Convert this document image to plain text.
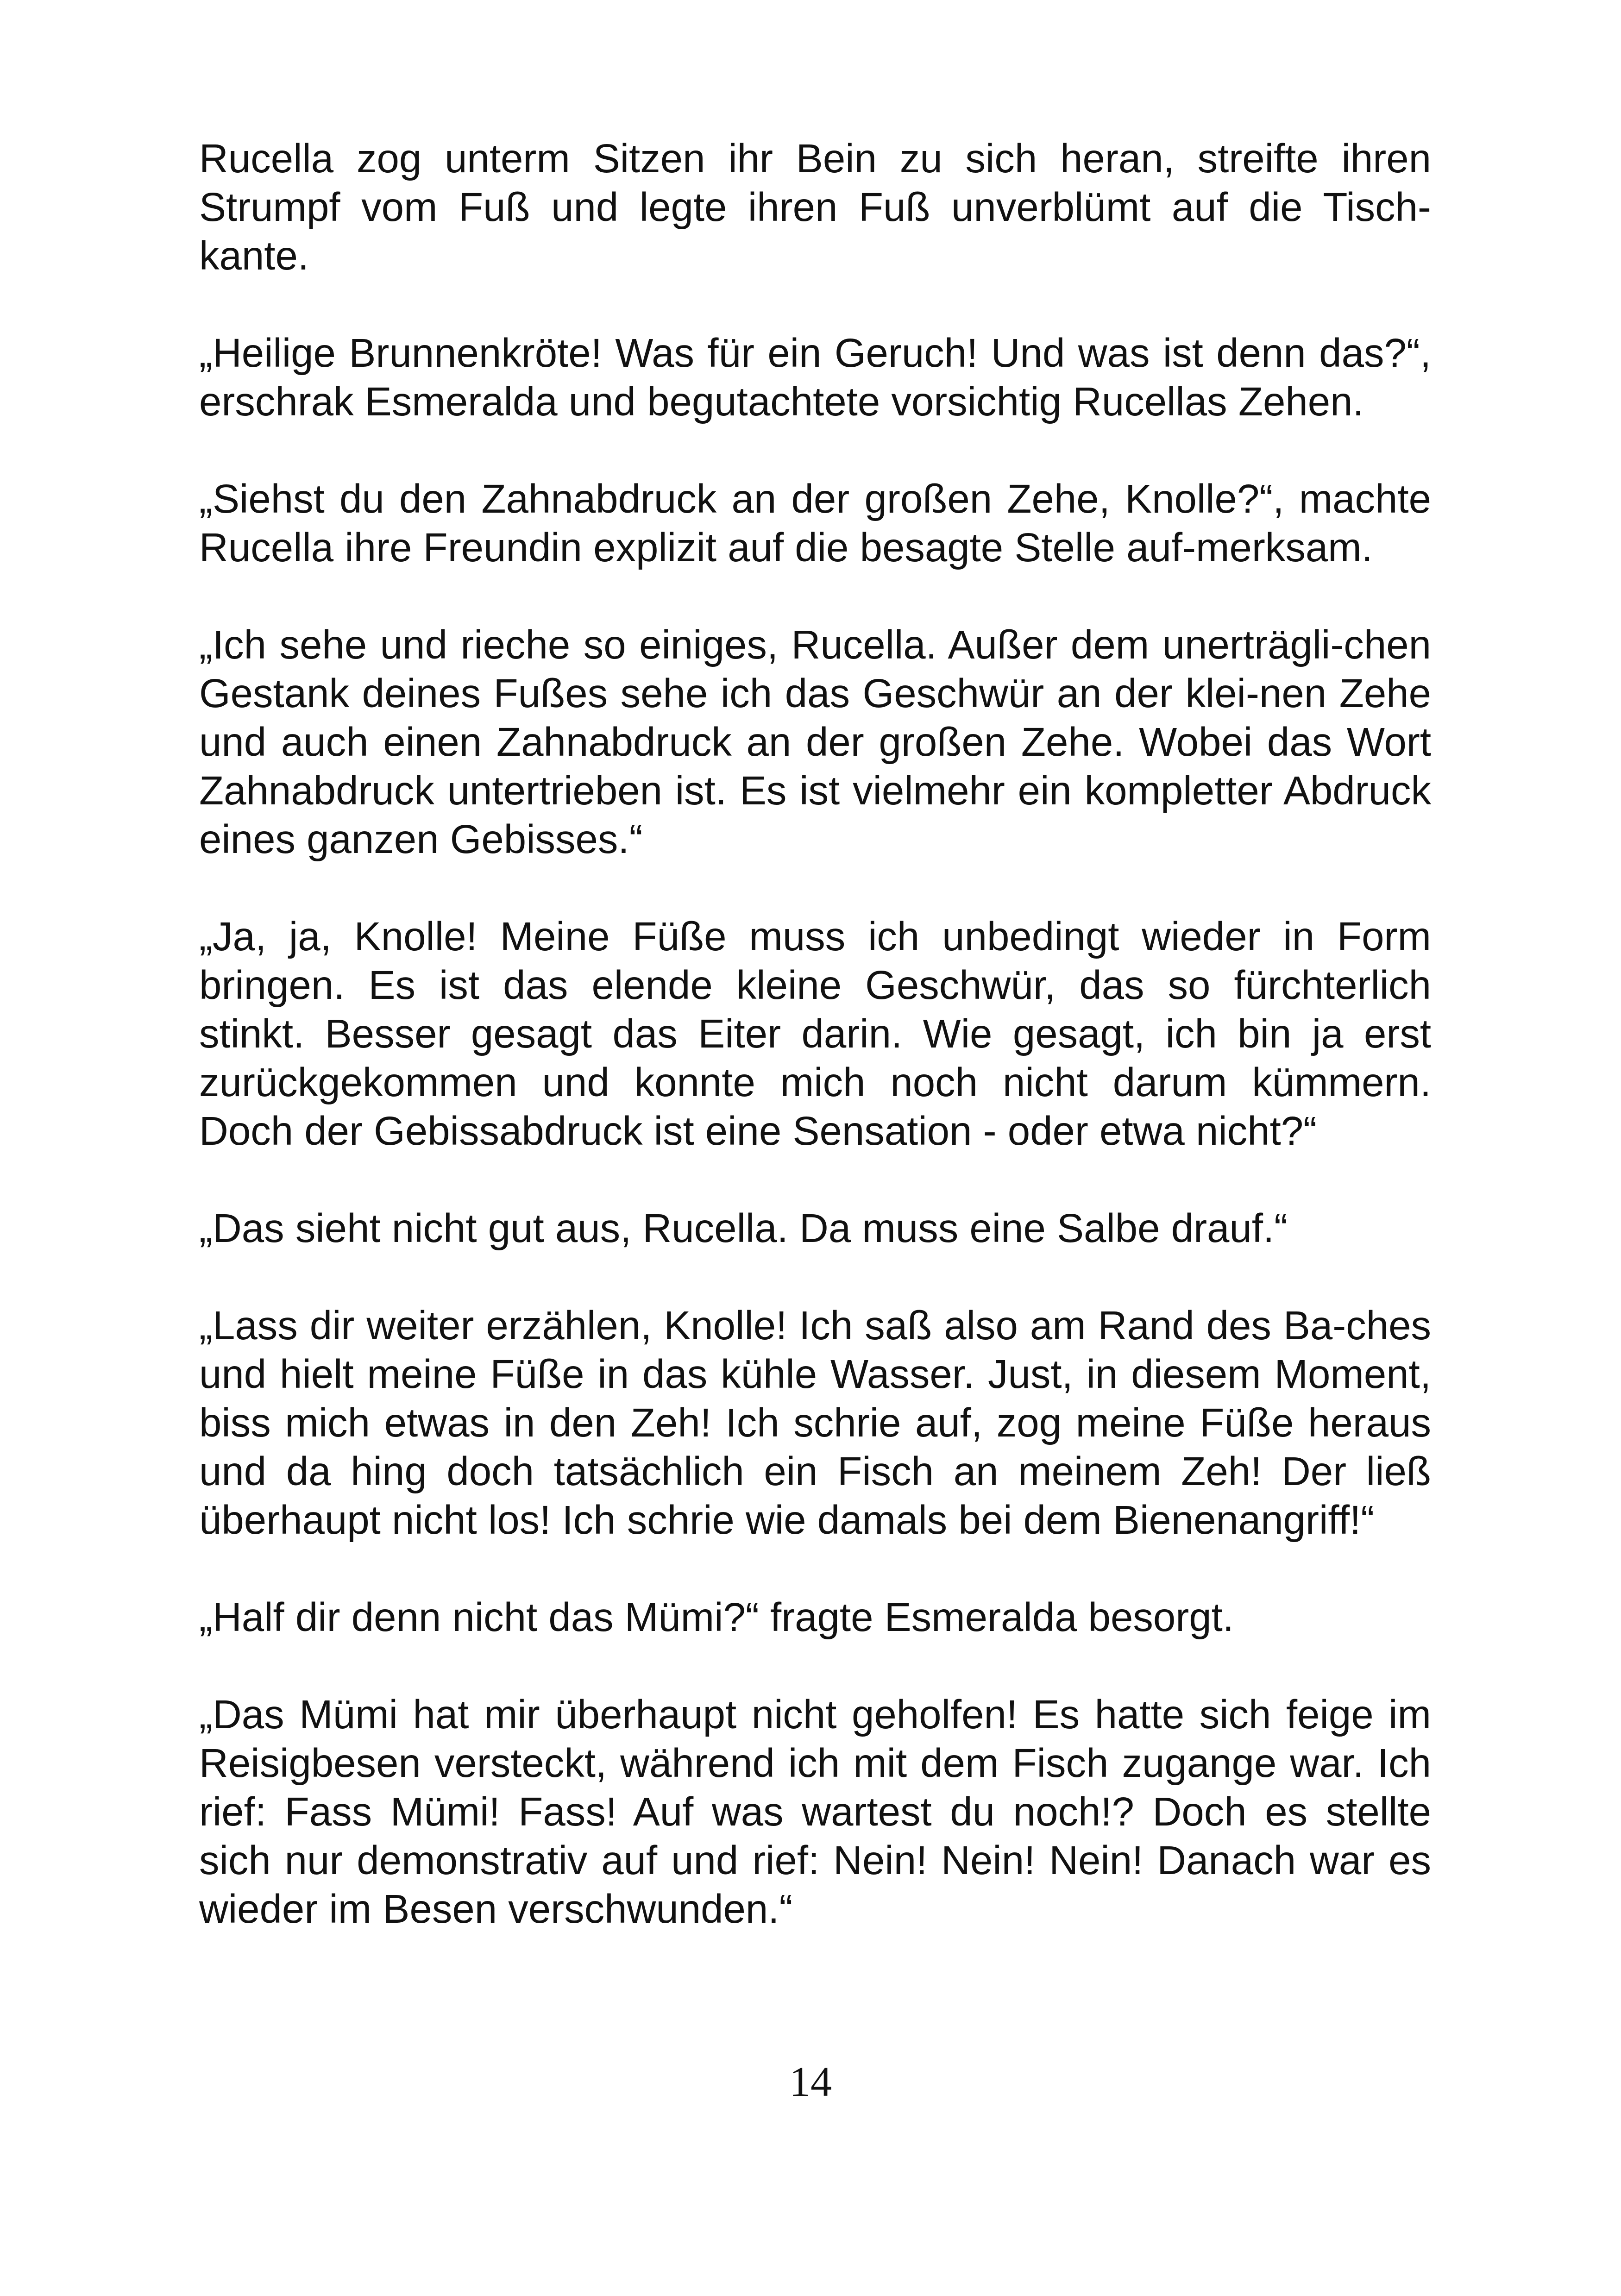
Rucella zog unterm Sitzen ihr Bein zu sich heran, streifte ihren Strumpf vom Fuß und legte ihren Fuß unverblümt auf die Tisch-kante.

„Heilige Brunnenkröte! Was für ein Geruch! Und was ist denn das?“, erschrak Esmeralda und begutachtete vorsichtig Rucellas Zehen.

„Siehst du den Zahnabdruck an der großen Zehe, Knolle?“, machte Rucella ihre Freundin explizit auf die besagte Stelle auf-merksam.

„Ich sehe und rieche so einiges, Rucella. Außer dem unerträgli-chen Gestank deines Fußes sehe ich das Geschwür an der klei-nen Zehe und auch einen Zahnabdruck an der großen Zehe. Wobei das Wort Zahnabdruck untertrieben ist. Es ist vielmehr ein kompletter Abdruck eines ganzen Gebisses.“

„Ja, ja, Knolle! Meine Füße muss ich unbedingt wieder in Form bringen. Es ist das elende kleine Geschwür, das so fürchterlich stinkt. Besser gesagt das Eiter darin. Wie gesagt, ich bin ja erst zurückgekommen und konnte mich noch nicht darum kümmern. Doch der Gebissabdruck ist eine Sensation - oder etwa nicht?“

„Das sieht nicht gut aus, Rucella. Da muss eine Salbe drauf.“

„Lass dir weiter erzählen, Knolle! Ich saß also am Rand des Ba-ches und hielt meine Füße in das kühle Wasser. Just, in diesem Moment, biss mich etwas in den Zeh! Ich schrie auf, zog meine Füße heraus und da hing doch tatsächlich ein Fisch an meinem Zeh! Der ließ überhaupt nicht los! Ich schrie wie damals bei dem Bienenangriff!“

„Half dir denn nicht das Mümi?“ fragte Esmeralda besorgt.

„Das Mümi hat mir überhaupt nicht geholfen! Es hatte sich feige im Reisigbesen versteckt, während ich mit dem Fisch zugange war. Ich rief: Fass Mümi! Fass! Auf was wartest du noch!? Doch es stellte sich nur demonstrativ auf und rief: Nein! Nein! Nein! Danach war es wieder im Besen verschwunden.“

14
